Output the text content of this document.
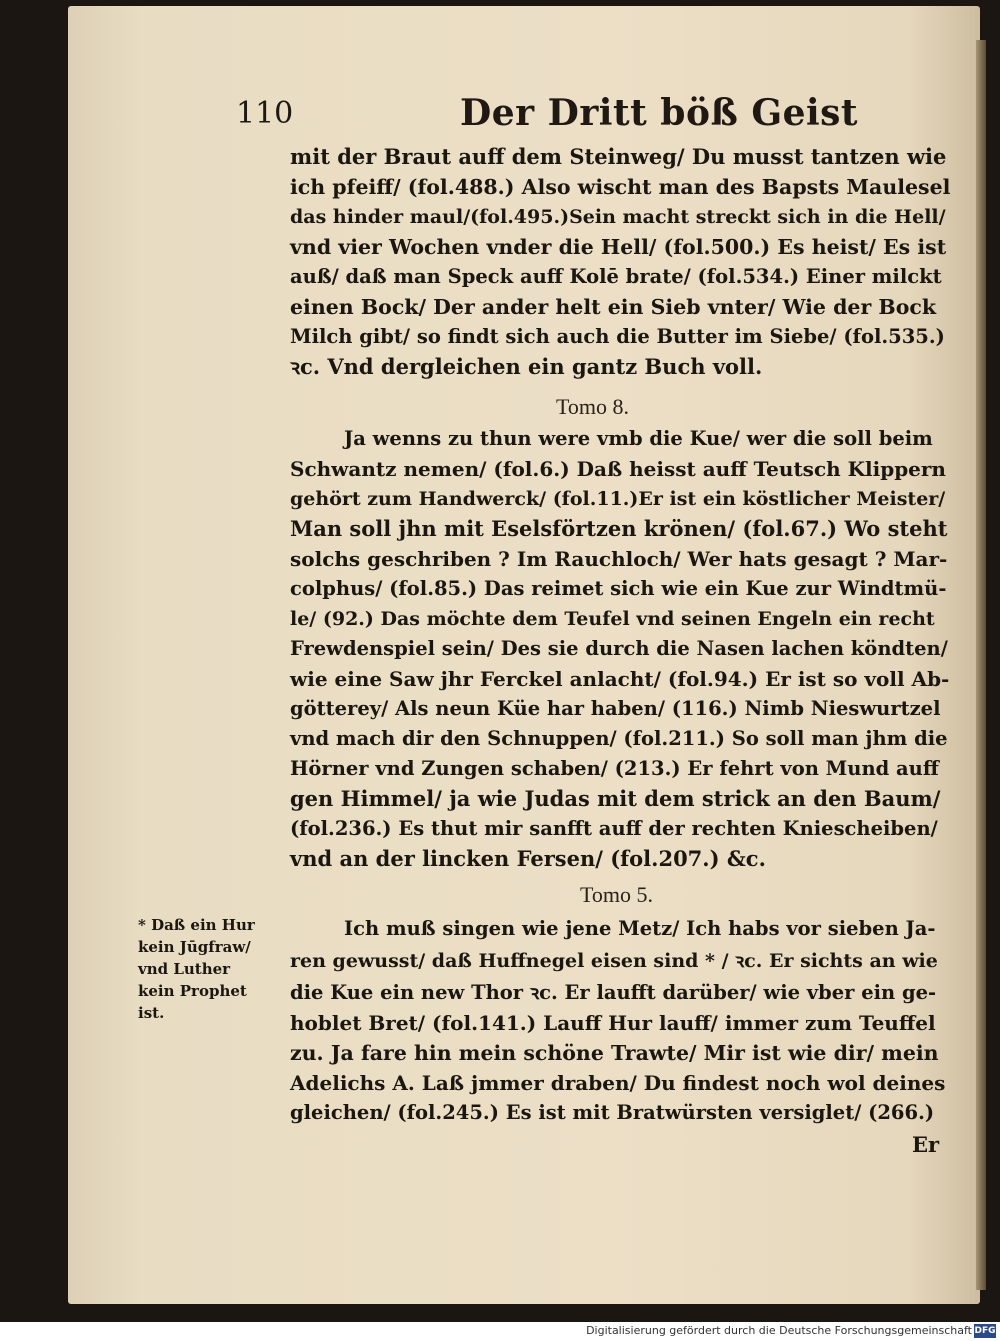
110	Der Dritt böß Geist
mit der Braut auff dem Steinweg/ Du musst tantzen wie
ich pfeiff/ (fol.488.) Also wischt man des Bapsts Maulesel
das hinder maul/(fol.495.)Sein macht streckt sich in die Hell/
vnd vier Wochen vnder die Hell/ (fol.500.) Es heist/ Es ist
auß/ daß man Speck auff Kolē brate/ (fol.534.) Einer milckt
einen Bock/ Der ander helt ein Sieb vnter/ Wie der Bock
Milch gibt/ so findt sich auch die Butter im Siebe/ (fol.535.)
ꝛc. Vnd dergleichen ein gantz Buch voll.
Tomo 8.
Ja wenns zu thun were vmb die Kue/ wer die soll beim
Schwantz nemen/ (fol.6.) Daß heisst auff Teutsch Klippern
gehört zum Handwerck/ (fol.11.)Er ist ein köstlicher Meister/
Man soll jhn mit Eselsförtzen krönen/ (fol.67.) Wo steht
solchs geschriben ? Im Rauchloch/ Wer hats gesagt ? Mar-
colphus/ (fol.85.) Das reimet sich wie ein Kue zur Windtmü-
le/ (92.) Das möchte dem Teufel vnd seinen Engeln ein recht
Frewdenspiel sein/ Des sie durch die Nasen lachen köndten/
wie eine Saw jhr Ferckel anlacht/ (fol.94.) Er ist so voll Ab-
götterey/ Als neun Küe har haben/ (116.) Nimb Nieswurtzel
vnd mach dir den Schnuppen/ (fol.211.) So soll man jhm die
Hörner vnd Zungen schaben/ (213.) Er fehrt von Mund auff
gen Himmel/ ja wie Judas mit dem strick an den Baum/
(fol.236.) Es thut mir sanfft auff der rechten Kniescheiben/
vnd an der lincken Fersen/ (fol.207.) &c.
Tomo 5.
* Daß ein Hur
kein Jūgfraw/
vnd Luther
kein Prophet
ist.
Ich muß singen wie jene Metz/ Ich habs vor sieben Ja-
ren gewusst/ daß Huffnegel eisen sind * / ꝛc. Er sichts an wie
die Kue ein new Thor ꝛc. Er laufft darüber/ wie vber ein ge-
hoblet Bret/ (fol.141.) Lauff Hur lauff/ immer zum Teuffel
zu. Ja fare hin mein schöne Trawte/ Mir ist wie dir/ mein
Adelichs A. Laß jmmer draben/ Du findest noch wol deines
gleichen/ (fol.245.) Es ist mit Bratwürsten versiglet/ (266.)
Er
Digitalisierung gefördert durch die Deutsche Forschungsgemeinschaft DFG
